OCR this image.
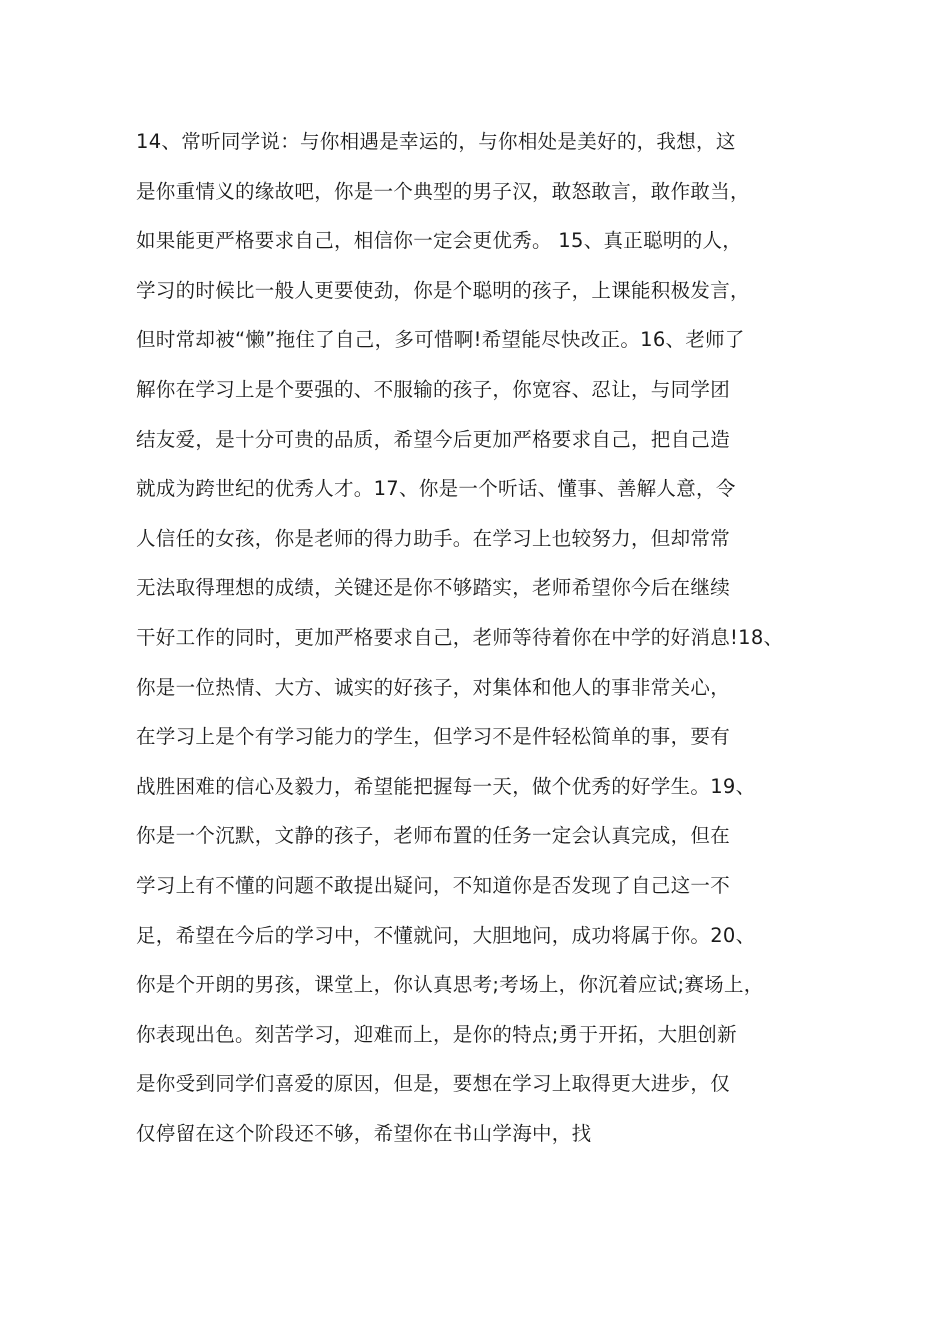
14、常听同学说：与你相遇是幸运的，与你相处是美好的，我想，这
是你重情义的缘故吧，你是一个典型的男子汉，敢怒敢言，敢作敢当，
如果能更严格要求自己，相信你一定会更优秀。 15、真正聪明的人，
学习的时候比一般人更要使劲，你是个聪明的孩子，上课能积极发言，
但时常却被“懒”拖住了自己，多可惜啊!希望能尽快改正。16、老师了
解你在学习上是个要强的、不服输的孩子，你宽容、忍让，与同学团
结友爱，是十分可贵的品质，希望今后更加严格要求自己，把自己造
就成为跨世纪的优秀人才。17、你是一个听话、懂事、善解人意，令
人信任的女孩，你是老师的得力助手。在学习上也较努力，但却常常
无法取得理想的成绩，关键还是你不够踏实，老师希望你今后在继续
干好工作的同时，更加严格要求自己，老师等待着你在中学的好消息!18、
你是一位热情、大方、诚实的好孩子，对集体和他人的事非常关心，
在学习上是个有学习能力的学生，但学习不是件轻松简单的事，要有
战胜困难的信心及毅力，希望能把握每一天，做个优秀的好学生。19、
你是一个沉默，文静的孩子，老师布置的任务一定会认真完成，但在
学习上有不懂的问题不敢提出疑问，不知道你是否发现了自己这一不
足，希望在今后的学习中，不懂就问，大胆地问，成功将属于你。20、
你是个开朗的男孩，课堂上，你认真思考;考场上，你沉着应试;赛场上，
你表现出色。刻苦学习，迎难而上，是你的特点;勇于开拓，大胆创新
是你受到同学们喜爱的原因，但是，要想在学习上取得更大进步，仅
仅停留在这个阶段还不够，希望你在书山学海中，找
